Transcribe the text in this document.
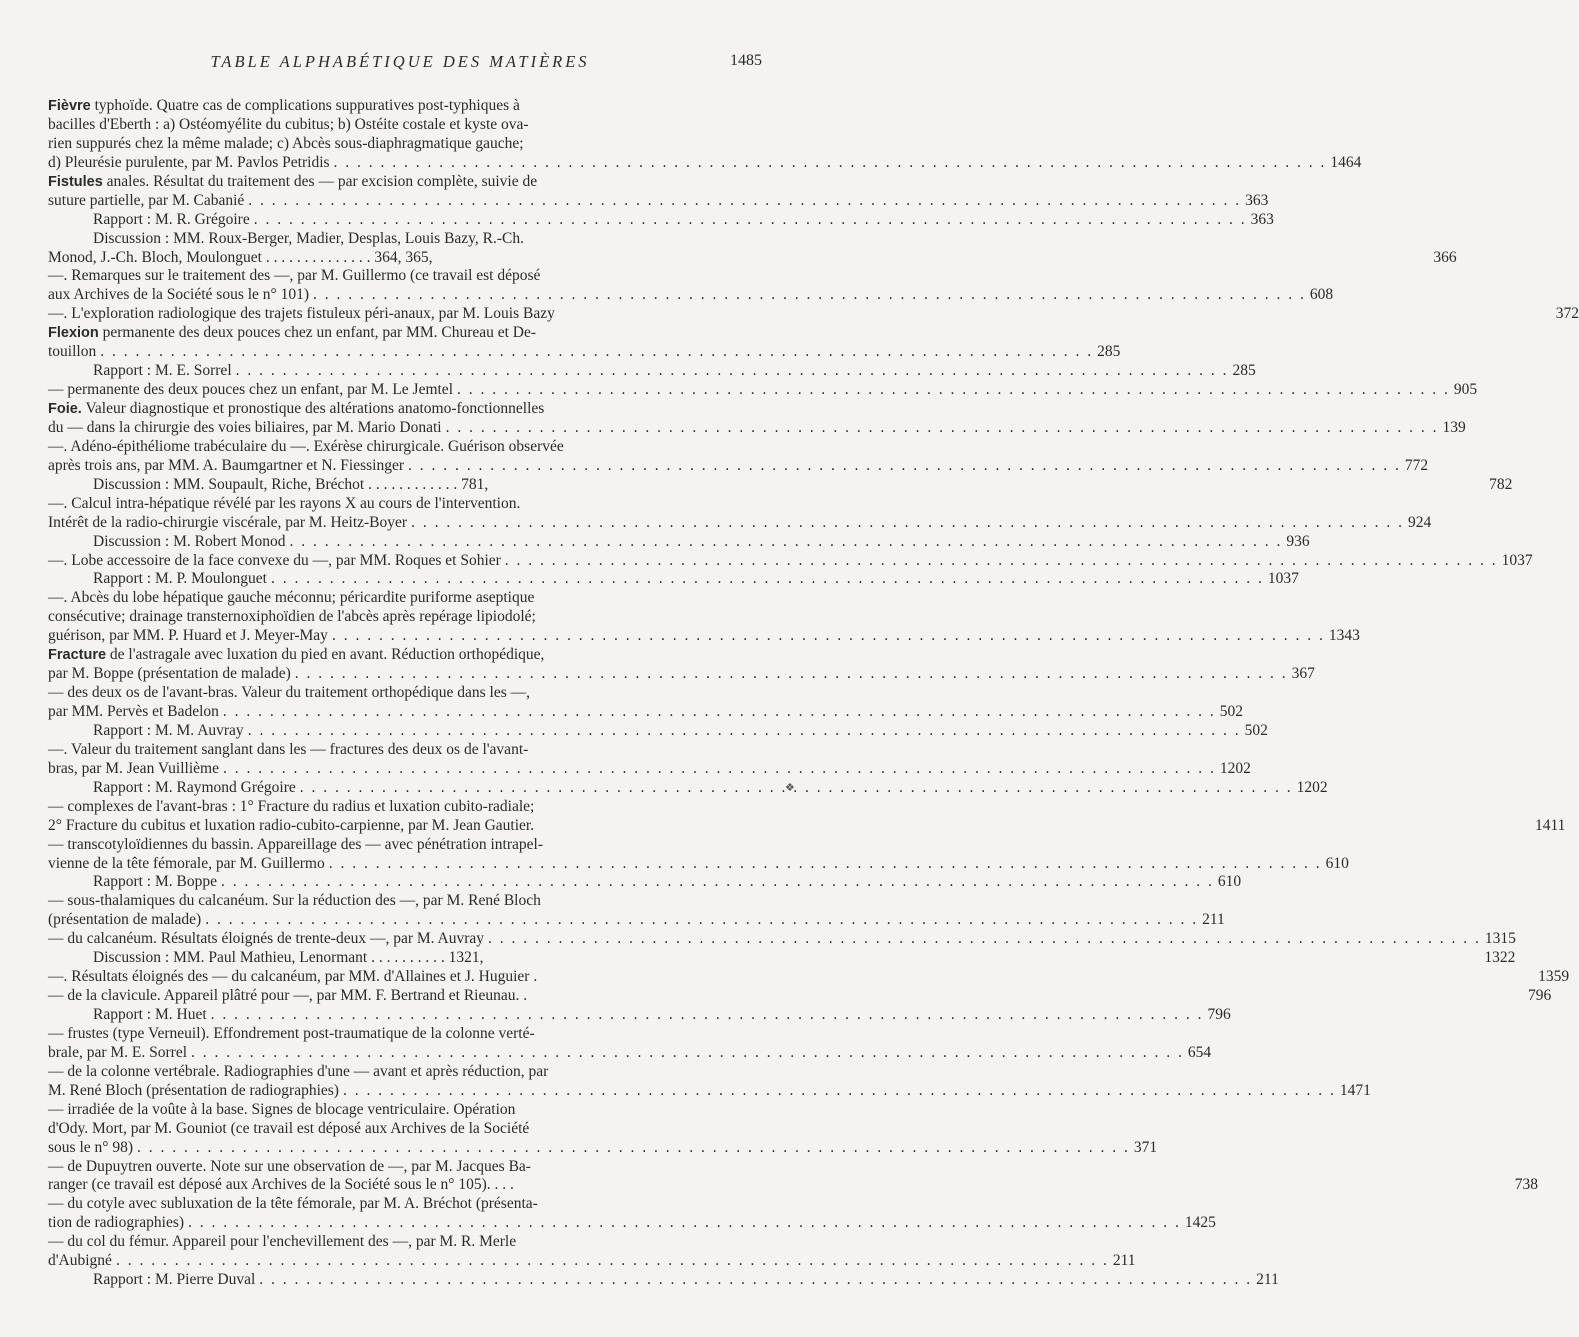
TABLE ALPHABÉTIQUE DES MATIÈRES	1485
Fièvre typhoïde. Quatre cas de complications suppuratives post-typhiques à
bacilles d'Eberth : a) Ostéomyélite du cubitus; b) Ostéite costale et kyste ova-
rien suppurés chez la même malade; c) Abcès sous-diaphragmatique gauche;
d) Pleurésie purulente, par M. Pavlos Petridis . . .	1464
Fistules anales. Résultat du traitement des — par excision complète, suivie de
suture partielle, par M. Cabanié . . .	363
Rapport : M. R. Grégoire . . .	363
Discussion : MM. Roux-Berger, Madier, Desplas, Louis Bazy, R.-Ch.
Monod, J.-Ch. Bloch, Moulonguet . . . . . . . . . . . . . . 364, 365,	366
—. Remarques sur le traitement des —, par M. Guillermo (ce travail est déposé
aux Archives de la Société sous le n° 101) . . .	608
—. L'exploration radiologique des trajets fistuleux péri-anaux, par M. Louis Bazy	372
Flexion permanente des deux pouces chez un enfant, par MM. Chureau et De-
touillon . . .	285
Rapport : M. E. Sorrel . . .	285
— permanente des deux pouces chez un enfant, par M. Le Jemtel . . .	905
Foie. Valeur diagnostique et pronostique des altérations anatomo-fonctionnelles
du — dans la chirurgie des voies biliaires, par M. Mario Donati . . .	139
—. Adéno-épithéliome trabéculaire du —. Exérèse chirurgicale. Guérison observée
après trois ans, par MM. A. Baumgartner et N. Fiessinger . . .	772
Discussion : MM. Soupault, Riche, Bréchot . . . . . . . . . . . . 781,	782
—. Calcul intra-hépatique révélé par les rayons X au cours de l'intervention.
Intérêt de la radio-chirurgie viscérale, par M. Heitz-Boyer . . .	924
Discussion : M. Robert Monod . . .	936
—. Lobe accessoire de la face convexe du —, par MM. Roques et Sohier . . .	1037
Rapport : M. P. Moulonguet . . .	1037
—. Abcès du lobe hépatique gauche méconnu; péricardite puriforme aseptique
consécutive; drainage transternoxiphoïdien de l'abcès après repérage lipiodolé;
guérison, par MM. P. Huard et J. Meyer-May . . .	1343
Fracture de l'astragale avec luxation du pied en avant. Réduction orthopédique,
par M. Boppe (présentation de malade) . . .	367
— des deux os de l'avant-bras. Valeur du traitement orthopédique dans les —,
par MM. Pervès et Badelon . . .	502
Rapport : M. M. Auvray . . .	502
—. Valeur du traitement sanglant dans les — fractures des deux os de l'avant-
bras, par M. Jean Vuillième . . .	1202
Rapport : M. Raymond Grégoire . . .	1202
— complexes de l'avant-bras : 1° Fracture du radius et luxation cubito-radiale;
2° Fracture du cubitus et luxation radio-cubito-carpienne, par M. Jean Gautier.	1411
— transcotyloïdiennes du bassin. Appareillage des — avec pénétration intrapel-
vienne de la tête fémorale, par M. Guillermo . . .	610
Rapport : M. Boppe . . .	610
— sous-thalamiques du calcanéum. Sur la réduction des —, par M. René Bloch
(présentation de malade) . . .	211
— du calcanéum. Résultats éloignés de trente-deux —, par M. Auvray . . .	1315
Discussion : MM. Paul Mathieu, Lenormant . . . . . . . . . . 1321,	1322
—. Résultats éloignés des — du calcanéum, par MM. d'Allaines et J. Huguier .	1359
— de la clavicule. Appareil plâtré pour —, par MM. F. Bertrand et Rieunau. .	796
Rapport : M. Huet . . .	796
— frustes (type Verneuil). Effondrement post-traumatique de la colonne verté-
brale, par M. E. Sorrel . . .	654
— de la colonne vertébrale. Radiographies d'une — avant et après réduction, par
M. René Bloch (présentation de radiographies) . . .	1471
— irradiée de la voûte à la base. Signes de blocage ventriculaire. Opération
d'Ody. Mort, par M. Gouniot (ce travail est déposé aux Archives de la Société
sous le n° 98) . . .	371
— de Dupuytren ouverte. Note sur une observation de —, par M. Jacques Ba-
ranger (ce travail est déposé aux Archives de la Société sous le n° 105). . . .	738
— du cotyle avec subluxation de la tête fémorale, par M. A. Bréchot (présenta-
tion de radiographies) . . .	1425
— du col du fémur. Appareil pour l'enchevillement des —, par M. R. Merle
d'Aubigné . . .	211
Rapport : M. Pierre Duval . . .	211
❖
